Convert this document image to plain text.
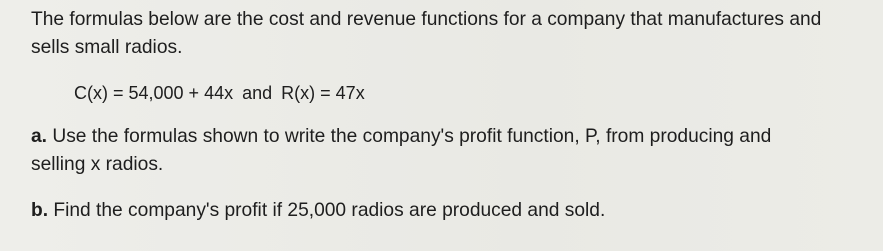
The formulas below are the cost and revenue functions for a company that manufactures and
sells small radios.
C(x) = 54,000 + 44x and R(x) = 47x
a. Use the formulas shown to write the company's profit function, P, from producing and
selling x radios.
b. Find the company's profit if 25,000 radios are produced and sold.
